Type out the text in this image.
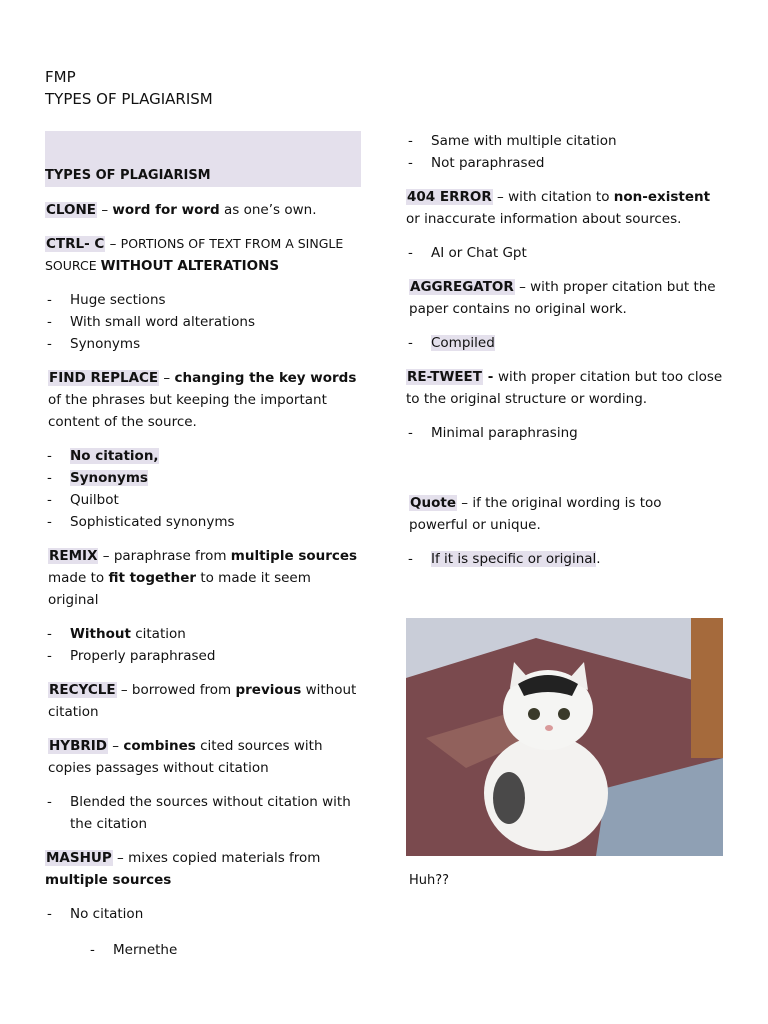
FMP
TYPES OF PLAGIARISM
TYPES OF PLAGIARISM

CLONE – word for word as one’s own.

CTRL- C – PORTIONS OF TEXT FROM A SINGLE SOURCE WITHOUT ALTERATIONS

- Huge sections
- With small word alterations
- Synonyms

FIND REPLACE – changing the key words of the phrases but keeping the important content of the source.

- No citation,
- Synonyms
- Quilbot
- Sophisticated synonyms

REMIX – paraphrase from multiple sources made to fit together to made it seem original

- Without citation
- Properly paraphrased

RECYCLE – borrowed from previous without citation

HYBRID – combines cited sources with copies passages without citation

- Blended the sources without citation with the citation

MASHUP – mixes copied materials from multiple sources

- No citation
- Mernethe
- Same with multiple citation
- Not paraphrased

404 ERROR – with citation to non-existent or inaccurate information about sources.

- AI or Chat Gpt

AGGREGATOR – with proper citation but the paper contains no original work.

- Compiled

RE-TWEET - with proper citation but too close to the original structure or wording.

- Minimal paraphrasing

Quote – if the original wording is too powerful or unique.

- If it is specific or original.
Huh??
